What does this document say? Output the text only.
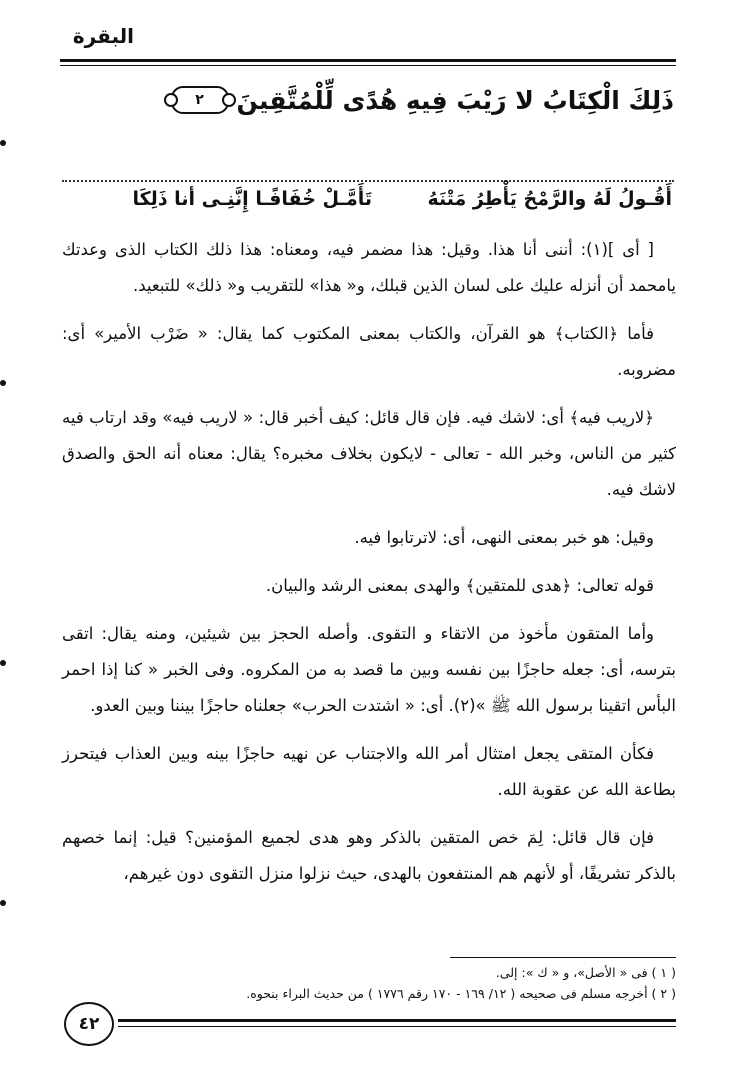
البقرة
ذَلِكَ الْكِتَابُ لا رَيْبَ فِيهِ هُدًى لِّلْمُتَّقِينَ
٢
أَقُـولُ لَهُ والرَّمْحُ يَأْطِرُ مَتْنَهُ
تَأَمَّـلْ خُفَافًـا إِنَّنِـى أنا ذَلِكَا

[ أى ](١): أننى أنا هذا. وقيل: هذا مضمر فيه، ومعناه: هذا ذلك الكتاب الذى وعدتك يامحمد أن أنزله عليك على لسان الذين قبلك، و« هذا» للتقريب و« ذلك» للتبعيد.

فأما ﴿الكتاب﴾ هو القرآن، والكتاب بمعنى المكتوب كما يقال: « ضَرْب الأمير» أى: مضروبه.

﴿لاريب فيه﴾ أى: لاشك فيه. فإن قال قائل: كيف أخبر قال: « لاريب فيه» وقد ارتاب فيه كثير من الناس، وخبر الله - تعالى - لايكون بخلاف مخبره؟ يقال: معناه أنه الحق والصدق لاشك فيه.

وقيل: هو خبر بمعنى النهى، أى: لاترتابوا فيه.

قوله تعالى: ﴿هدى للمتقين﴾ والهدى بمعنى الرشد والبيان.

وأما المتقون مأخوذ من الاتقاء و التقوى. وأصله الحجز بين شيئين، ومنه يقال: اتقى بترسه، أى: جعله حاجزًا بين نفسه وبين ما قصد به من المكروه. وفى الخبر « كنا إذا احمر البأس اتقينا برسول الله ﷺ »(٢). أى: « اشتدت الحرب» جعلناه حاجزًا بيننا وبين العدو.

فكأن المتقى يجعل امتثال أمر الله والاجتناب عن نهيه حاجزًا بينه وبين العذاب فيتحرز بطاعة الله عن عقوبة الله.

فإن قال قائل: لِمَ خص المتقين بالذكر وهو هدى لجميع المؤمنين؟ قيل: إنما خصهم بالذكر تشريفًا، أو لأنهم هم المنتفعون بالهدى، حيث نزلوا منزل التقوى دون غيرهم،

( ١ ) فى « الأصل»، و « ك »: إلى.
( ٢ ) أخرجه مسلم فى صحيحه ( ١٢/ ١٦٩ - ١٧٠ رقم ١٧٧٦ ) من حديث البراء بنحوه.
٤٢
